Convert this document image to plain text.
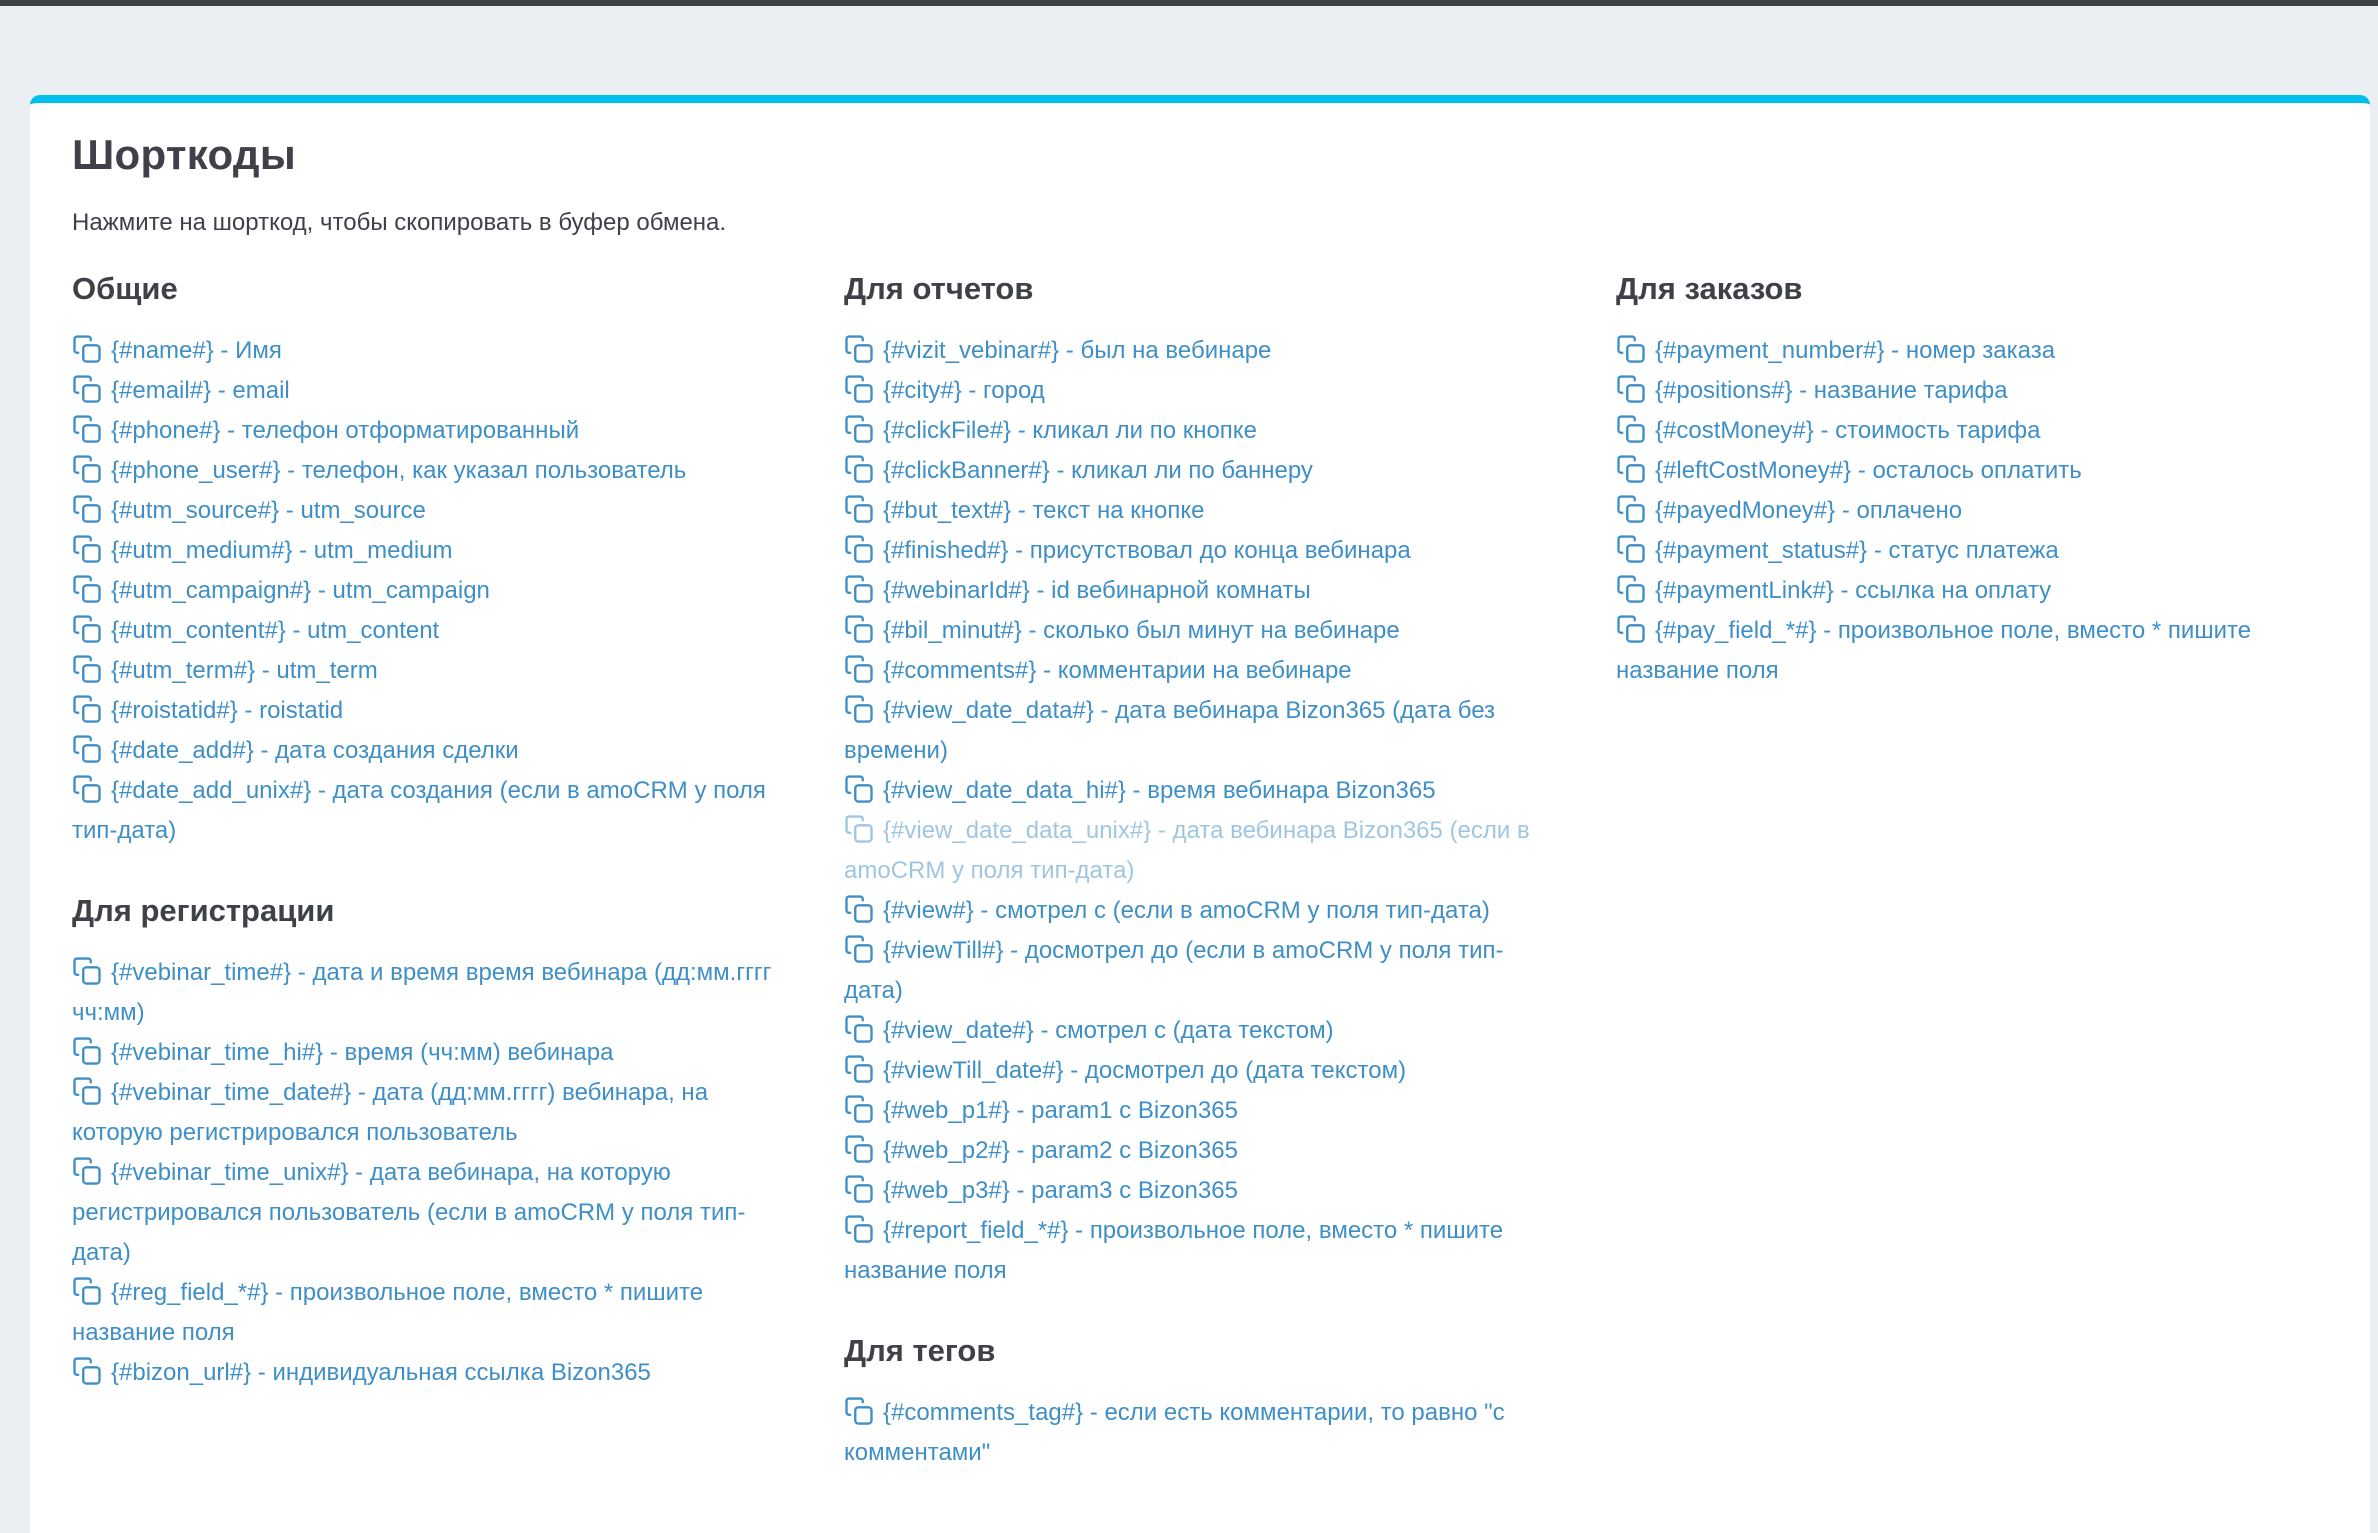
Шорткоды

Нажмите на шорткод, чтобы скопировать в буфер обмена.

Общие
{#name#} - Имя
{#email#} - email
{#phone#} - телефон отформатированный
{#phone_user#} - телефон, как указал пользователь
{#utm_source#} - utm_source
{#utm_medium#} - utm_medium
{#utm_campaign#} - utm_campaign
{#utm_content#} - utm_content
{#utm_term#} - utm_term
{#roistatid#} - roistatid
{#date_add#} - дата создания сделки
{#date_add_unix#} - дата создания (если в amoCRM у поля тип-дата)
Для регистрации
{#vebinar_time#} - дата и время время вебинара (дд:мм.гггг чч:мм)
{#vebinar_time_hi#} - время (чч:мм) вебинара
{#vebinar_time_date#} - дата (дд:мм.гггг) вебинара, на которую регистрировался пользователь
{#vebinar_time_unix#} - дата вебинара, на которую регистрировался пользователь (если в amoCRM у поля тип-дата)
{#reg_field_*#} - произвольное поле, вместо * пишите название поля
{#bizon_url#} - индивидуальная ссылка Bizon365
Для отчетов
{#vizit_vebinar#} - был на вебинаре
{#city#} - город
{#clickFile#} - кликал ли по кнопке
{#clickBanner#} - кликал ли по баннеру
{#but_text#} - текст на кнопке
{#finished#} - присутствовал до конца вебинара
{#webinarId#} - id вебинарной комнаты
{#bil_minut#} - сколько был минут на вебинаре
{#comments#} - комментарии на вебинаре
{#view_date_data#} - дата вебинара Bizon365 (дата без времени)
{#view_date_data_hi#} - время вебинара Bizon365
{#view_date_data_unix#} - дата вебинара Bizon365 (если в amoCRM у поля тип-дата)
{#view#} - смотрел с (если в amoCRM у поля тип-дата)
{#viewTill#} - досмотрел до (если в amoCRM у поля тип-дата)
{#view_date#} - смотрел с (дата текстом)
{#viewTill_date#} - досмотрел до (дата текстом)
{#web_p1#} - param1 с Bizon365
{#web_p2#} - param2 с Bizon365
{#web_p3#} - param3 с Bizon365
{#report_field_*#} - произвольное поле, вместо * пишите название поля
Для тегов
{#comments_tag#} - если есть комментарии, то равно "с комментами"
Для заказов
{#payment_number#} - номер заказа
{#positions#} - название тарифа
{#costMoney#} - стоимость тарифа
{#leftCostMoney#} - осталось оплатить
{#payedMoney#} - оплачено
{#payment_status#} - статус платежа
{#paymentLink#} - ссылка на оплату
{#pay_field_*#} - произвольное поле, вместо * пишите название поля
